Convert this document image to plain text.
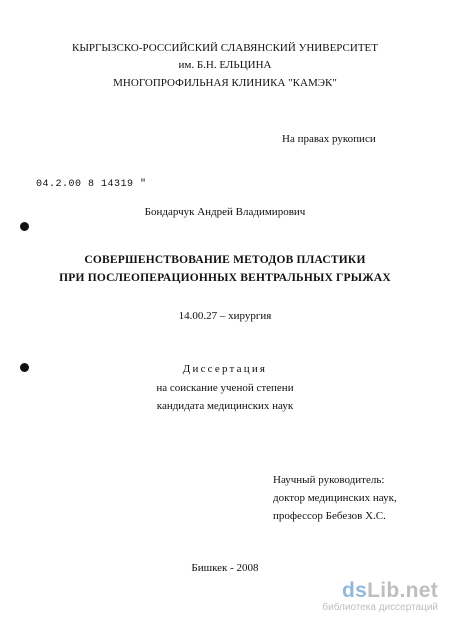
КЫРГЫЗСКО-РОССИЙСКИЙ СЛАВЯНСКИЙ УНИВЕРСИТЕТ
им. Б.Н. ЕЛЬЦИНА
МНОГОПРОФИЛЬНАЯ КЛИНИКА "КАМЭК"
На правах рукописи
04.2.00 8 14319 "
Бондарчук Андрей Владимирович
СОВЕРШЕНСТВОВАНИЕ МЕТОДОВ ПЛАСТИКИ
ПРИ ПОСЛЕОПЕРАЦИОННЫХ ВЕНТРАЛЬНЫХ ГРЫЖАХ
14.00.27 – хирургия
Диссертация
на соискание ученой степени
кандидата медицинских наук
Научный руководитель:
доктор медицинских наук,
профессор Бебезов Х.С.
Бишкек - 2008
dsLib.net
библиотека диссертаций
